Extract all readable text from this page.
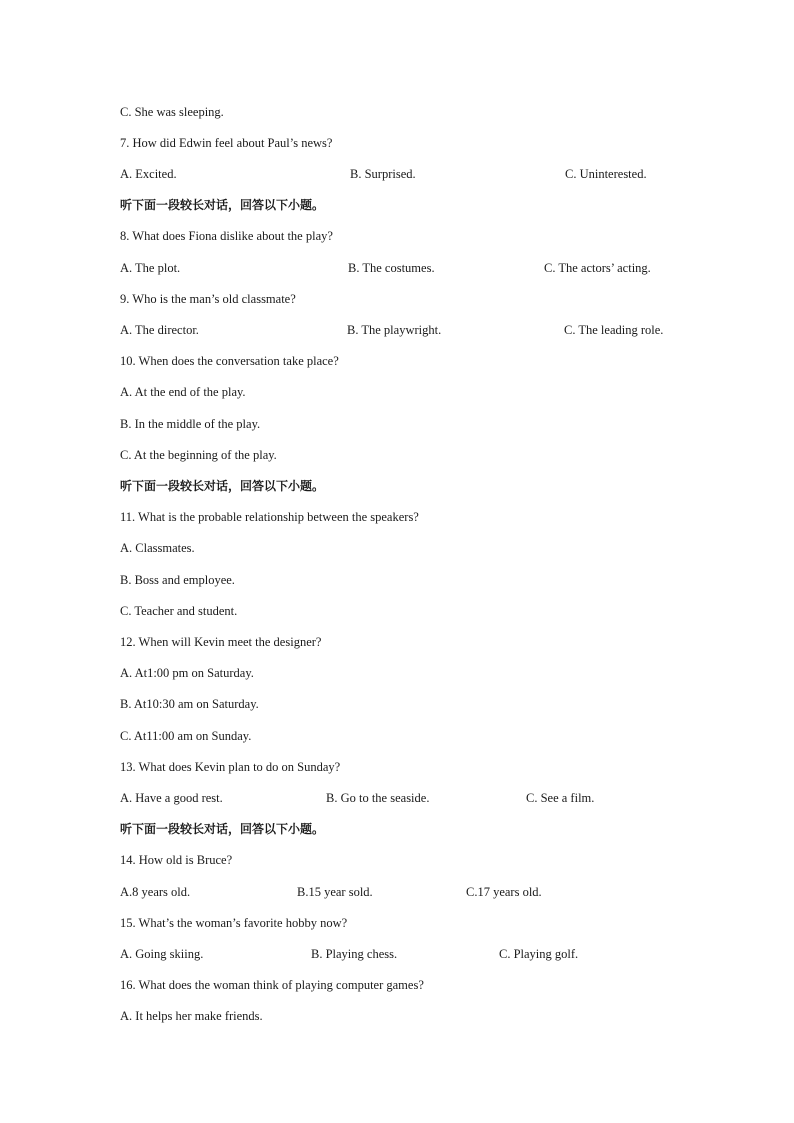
C. She was sleeping.
7. How did Edwin feel about Paul’s news?
A. Excited.	B. Surprised.	C. Uninterested.
听下面一段较长对话，回答以下小题。
8. What does Fiona dislike about the play?
A. The plot.	B. The costumes.	C. The actors’ acting.
9. Who is the man’s old classmate?
A. The director.	B. The playwright.	C. The leading role.
10. When does the conversation take place?
A. At the end of the play.
B. In the middle of the play.
C. At the beginning of the play.
听下面一段较长对话，回答以下小题。
11. What is the probable relationship between the speakers?
A. Classmates.
B. Boss and employee.
C. Teacher and student.
12. When will Kevin meet the designer?
A. At1:00 pm on Saturday.
B. At10:30 am on Saturday.
C. At11:00 am on Sunday.
13. What does Kevin plan to do on Sunday?
A. Have a good rest.	B. Go to the seaside.	C. See a film.
听下面一段较长对话，回答以下小题。
14. How old is Bruce?
A.8 years old.	B.15 year sold.	C.17 years old.
15. What’s the woman’s favorite hobby now?
A. Going skiing.	B. Playing chess.	C. Playing golf.
16. What does the woman think of playing computer games?
A. It helps her make friends.
